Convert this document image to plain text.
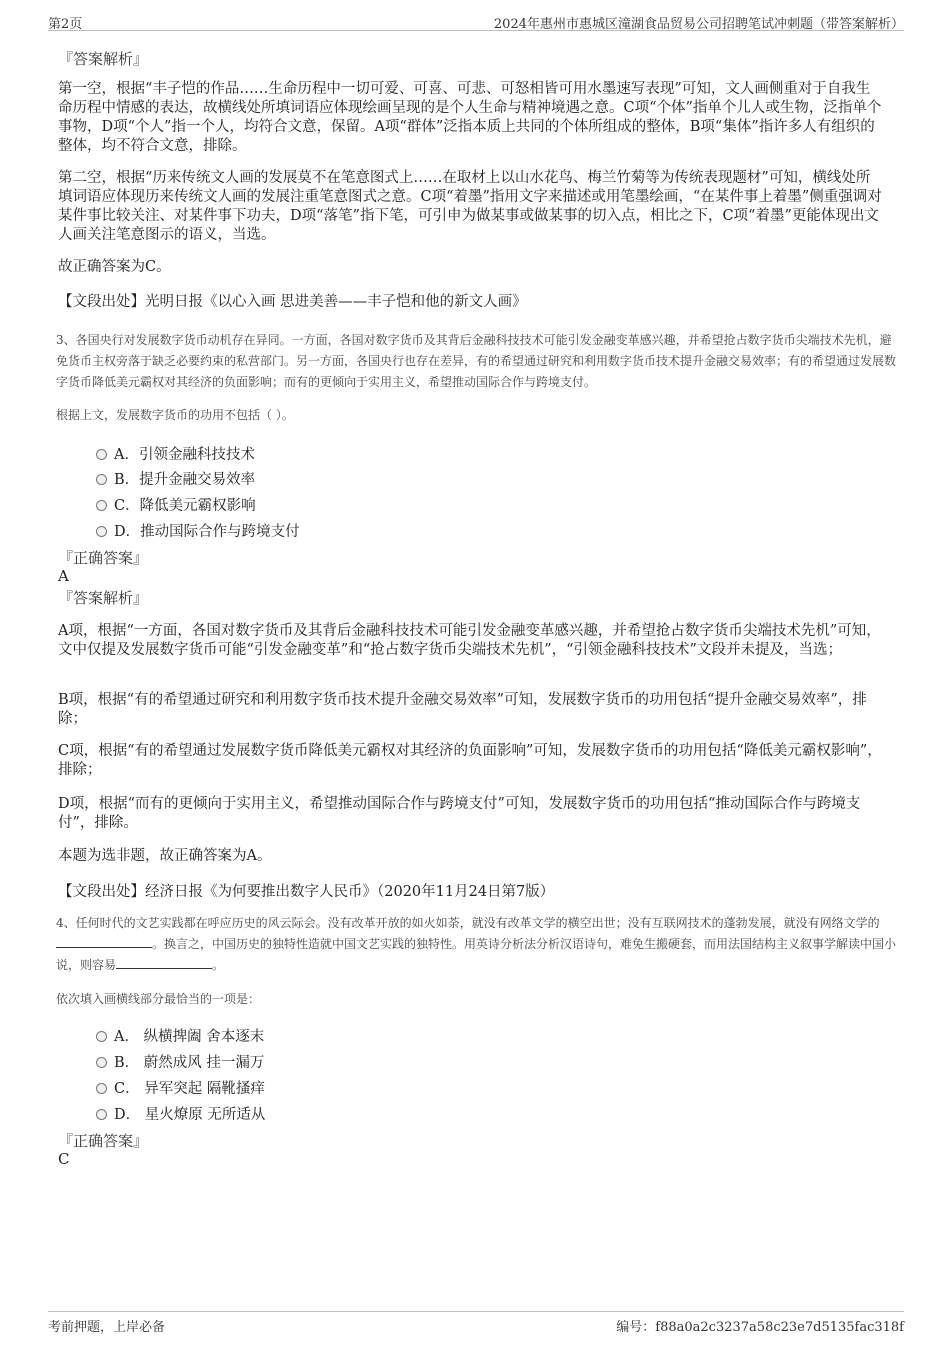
第2页	2024年惠州市惠城区潼湖食品贸易公司招聘笔试冲刺题（带答案解析）
『答案解析』
第一空，根据“丰子恺的作品……生命历程中一切可爱、可喜、可悲、可怒相皆可用水墨速写表现”可知，文人画侧重对于自我生命历程中情感的表达，故横线处所填词语应体现绘画呈现的是个人生命与精神境遇之意。C项“个体”指单个儿人或生物，泛指单个事物，D项“个人”指一个人，均符合文意，保留。A项“群体”泛指本质上共同的个体所组成的整体，B项“集体”指许多人有组织的整体，均不符合文意，排除。
第二空，根据“历来传统文人画的发展莫不在笔意图式上……在取材上以山水花鸟、梅兰竹菊等为传统表现题材”可知，横线处所填词语应体现历来传统文人画的发展注重笔意图式之意。C项“着墨”指用文字来描述或用笔墨绘画，“在某件事上着墨”侧重强调对某件事比较关注、对某件事下功夫，D项“落笔”指下笔，可引申为做某事或做某事的切入点，相比之下，C项“着墨”更能体现出文人画关注笔意图示的语义，当选。
故正确答案为C。
【文段出处】光明日报《以心入画 思进美善——丰子恺和他的新文人画》
3、各国央行对发展数字货币动机存在异同。一方面，各国对数字货币及其背后金融科技技术可能引发金融变革感兴趣，并希望抢占数字货币尖端技术先机，避免货币主权旁落于缺乏必要约束的私营部门。另一方面，各国央行也存在差异，有的希望通过研究和利用数字货币技术提升金融交易效率；有的希望通过发展数字货币降低美元霸权对其经济的负面影响；而有的更倾向于实用主义，希望推动国际合作与跨境支付。
根据上文，发展数字货币的功用不包括（ ）。
A．引领金融科技技术
B．提升金融交易效率
C．降低美元霸权影响
D．推动国际合作与跨境支付
『正确答案』
A
『答案解析』
A项，根据“一方面，各国对数字货币及其背后金融科技技术可能引发金融变革感兴趣，并希望抢占数字货币尖端技术先机”可知，文中仅提及发展数字货币可能“引发金融变革”和“抢占数字货币尖端技术先机”，“引领金融科技技术”文段并未提及，当选；
B项，根据“有的希望通过研究和利用数字货币技术提升金融交易效率”可知，发展数字货币的功用包括“提升金融交易效率”，排除；
C项，根据“有的希望通过发展数字货币降低美元霸权对其经济的负面影响”可知，发展数字货币的功用包括“降低美元霸权影响”，排除；
D项，根据“而有的更倾向于实用主义，希望推动国际合作与跨境支付”可知，发展数字货币的功用包括“推动国际合作与跨境支付”，排除。
本题为选非题，故正确答案为A。
【文段出处】经济日报《为何要推出数字人民币》（2020年11月24日第7版）
4、任何时代的文艺实践都在呼应历史的风云际会。没有改革开放的如火如荼，就没有改革文学的横空出世；没有互联网技术的蓬勃发展，就没有网络文学的。换言之，中国历史的独特性造就中国文艺实践的独特性。用英诗分析法分析汉语诗句，难免生搬硬套，而用法国结构主义叙事学解读中国小说，则容易	。
依次填入画横线部分最恰当的一项是：
A． 纵横捭阖 舍本逐末
B． 蔚然成风 挂一漏万
C． 异军突起 隔靴搔痒
D． 星火燎原 无所适从
『正确答案』
C
考前押题，上岸必备	编号：f88a0a2c3237a58c23e7d5135fac318f
